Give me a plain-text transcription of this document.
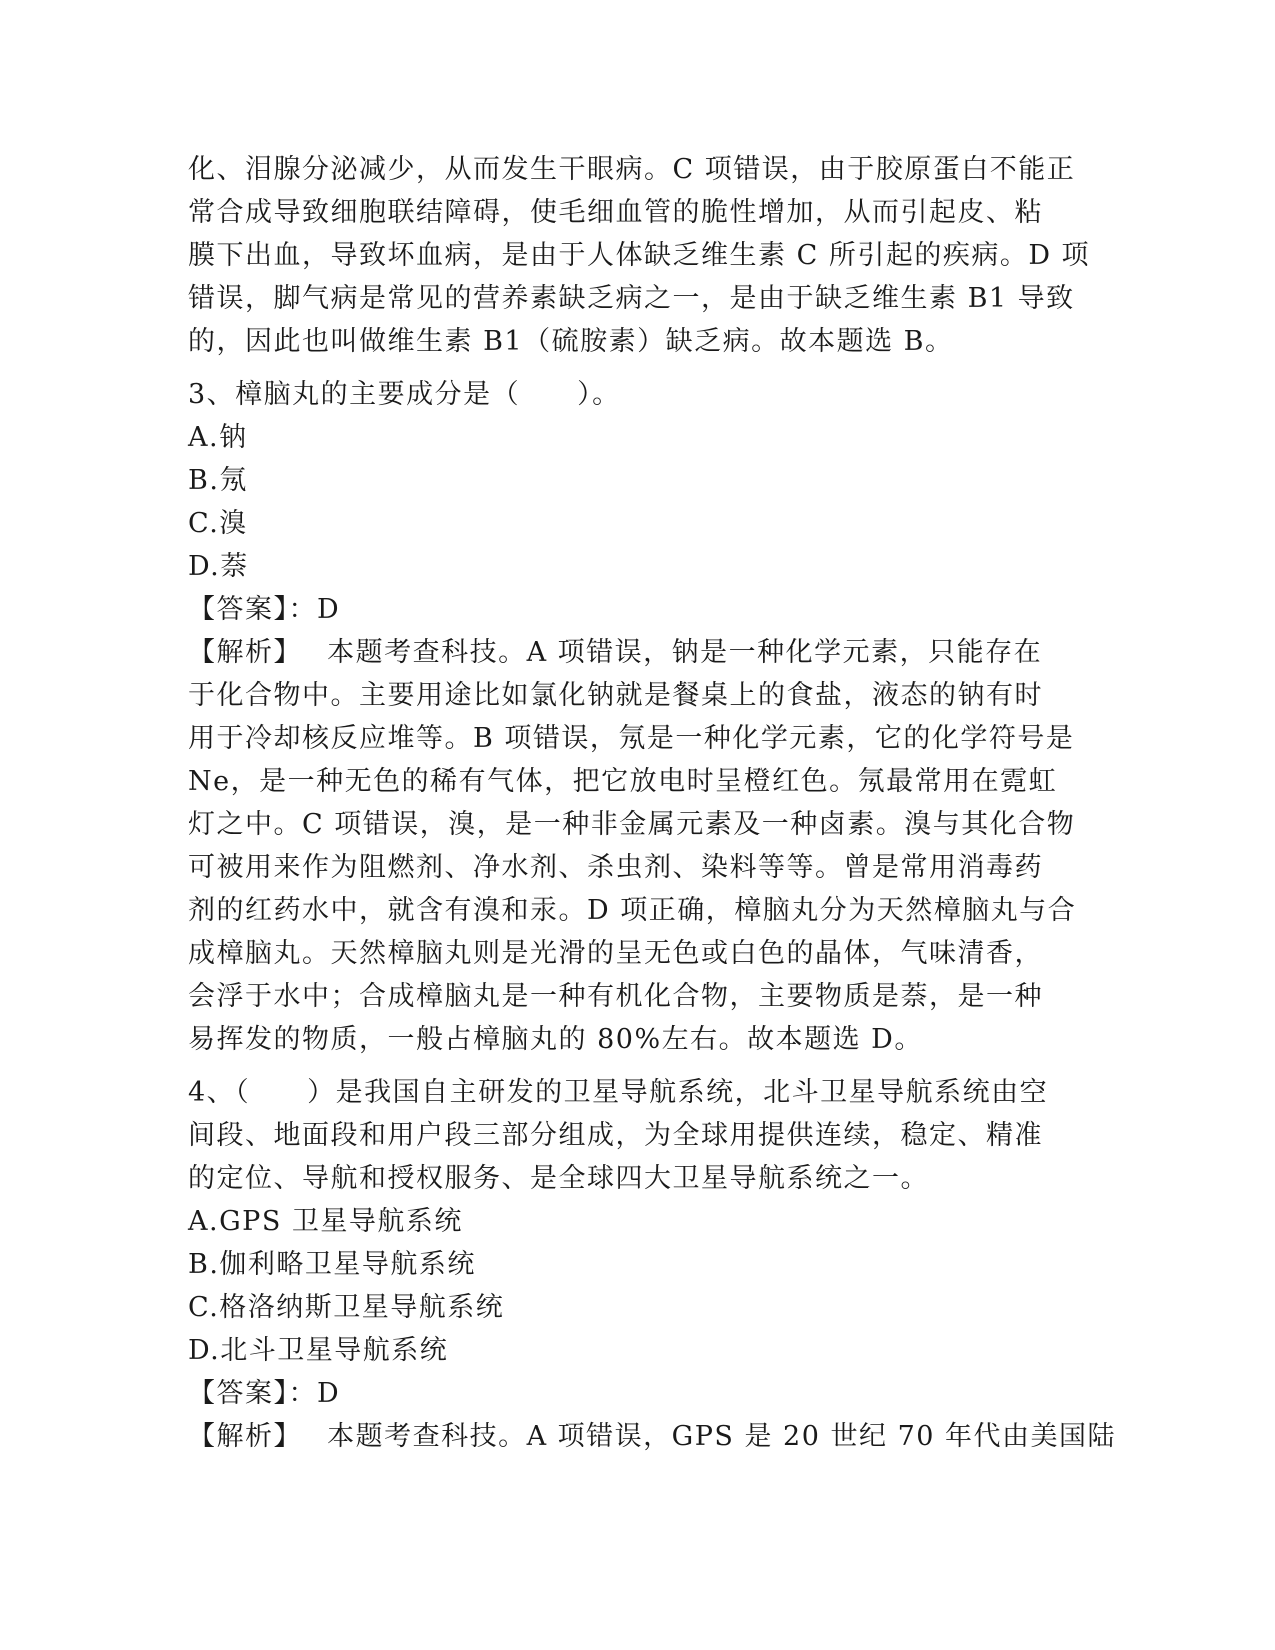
化、泪腺分泌减少，从而发生干眼病。C 项错误，由于胶原蛋白不能正
常合成导致细胞联结障碍，使毛细血管的脆性增加，从而引起皮、粘
膜下出血，导致坏血病，是由于人体缺乏维生素 C 所引起的疾病。D 项
错误，脚气病是常见的营养素缺乏病之一，是由于缺乏维生素 B1 导致
的，因此也叫做维生素 B1（硫胺素）缺乏病。故本题选 B。
3、樟脑丸的主要成分是（　　）。
A.钠
B.氖
C.溴
D.萘
【答案】：D
【解析】　 本题考查科技。A 项错误，钠是一种化学元素，只能存在
于化合物中。主要用途比如氯化钠就是餐桌上的食盐，液态的钠有时
用于冷却核反应堆等。B 项错误，氖是一种化学元素，它的化学符号是
Ne，是一种无色的稀有气体，把它放电时呈橙红色。氖最常用在霓虹
灯之中。C 项错误，溴，是一种非金属元素及一种卤素。溴与其化合物
可被用来作为阻燃剂、净水剂、杀虫剂、染料等等。曾是常用消毒药
剂的红药水中，就含有溴和汞。D 项正确，樟脑丸分为天然樟脑丸与合
成樟脑丸。天然樟脑丸则是光滑的呈无色或白色的晶体，气味清香，
会浮于水中；合成樟脑丸是一种有机化合物，主要物质是萘，是一种
易挥发的物质，一般占樟脑丸的 80%左右。故本题选 D。
4、（　　）是我国自主研发的卫星导航系统，北斗卫星导航系统由空
间段、地面段和用户段三部分组成，为全球用提供连续，稳定、精准
的定位、导航和授权服务、是全球四大卫星导航系统之一。
A.GPS 卫星导航系统
B.伽利略卫星导航系统
C.格洛纳斯卫星导航系统
D.北斗卫星导航系统
【答案】：D
【解析】　 本题考查科技。A 项错误，GPS 是 20 世纪 70 年代由美国陆
